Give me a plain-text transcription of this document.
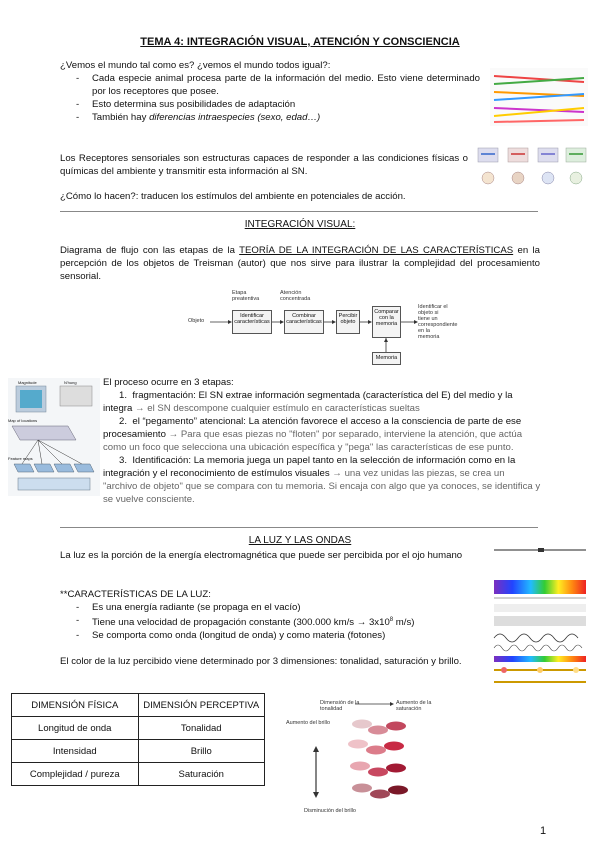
TEMA 4: INTEGRACIÓN VISUAL, ATENCIÓN Y CONSCIENCIA
¿Vemos el mundo tal como es? ¿vemos el mundo todos igual?:
- Cada especie animal procesa parte de la información del medio. Esto viene determinado por los receptores que posee.
- Esto determina sus posibilidades de adaptación
- También hay diferencias intraespecies (sexo, edad…)
Los Receptores sensoriales son estructuras capaces de responder a las condiciones físicas o químicas del ambiente y transmitir esta información al SN.
¿Cómo lo hacen?: traducen los estímulos del ambiente en potenciales de acción.
INTEGRACIÓN VISUAL:
Diagrama de flujo con las etapas de la TEORÍA DE LA INTEGRACIÓN DE LAS CARACTERÍSTICAS en la percepción de los objetos de Treisman (autor) que nos sirve para ilustrar la complejidad del procesamiento sensorial.
Objeto
Etapa preatentiva
Atención concentrada
Identificar características
Combinar características
Percibir objeto
Comparar con la memoria
Memoria
Identificar el objeto si tiene un correspondiente en la memoria
Magnitude	N'hung
Map of locations
Feature maps
El proceso ocurre en 3 etapas:
1. fragmentación: El SN extrae información segmentada (característica del E) del medio y la integra → el SN descompone cualquier estímulo en características sueltas
2. el “pegamento” atencional: La atención favorece el acceso a la consciencia de parte de ese procesamiento → Para que esas piezas no "floten" por separado, interviene la atención, que actúa como un foco que selecciona una ubicación específica y "pega" las características de ese punto.
3. Identificación: La memoria juega un papel tanto en la selección de información como en la integración y el reconocimiento de estímulos visuales → una vez unidas las piezas, se crea un "archivo de objeto" que se compara con tu memoria. Si encaja con algo que ya conoces, se identifica y se vuelve consciente.
LA LUZ Y LAS ONDAS
La luz es la porción de la energía electromagnética que puede ser percibida por el ojo humano
**CARACTERÍSTICAS DE LA LUZ:
- Es una energía radiante (se propaga en el vacío)
- Tiene una velocidad de propagación constante (300.000 $km/s \to 3x10^8$ m/s)
- Se comporta como onda (longitud de onda) y como materia (fotones)
El color de la luz percibido viene determinado por 3 dimensiones: tonalidad, saturación y brillo.
DIMENSIÓN FÍSICA	DIMENSIÓN PERCEPTIVA
Longitud de onda	Tonalidad
Intensidad	Brillo
Complejidad / pureza	Saturación
Dimensión de la tonalidad
Aumento de la saturación
Aumento del brillo
Disminución del brillo
1
